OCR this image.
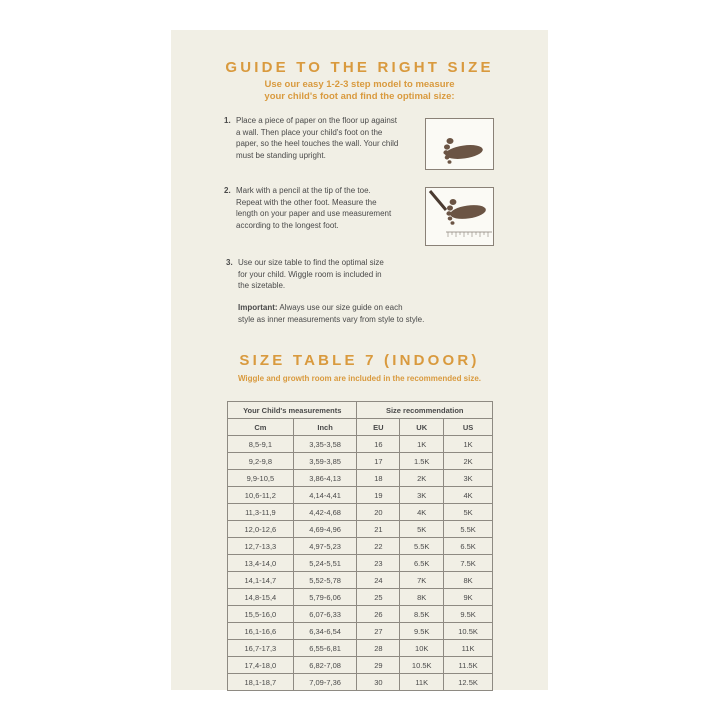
GUIDE TO THE RIGHT SIZE
Use our easy 1-2-3 step model to measure
your child's foot and find the optimal size:
1. Place a piece of paper on the floor up against
a wall. Then place your child's foot on the
paper, so the heel touches the wall. Your child
must be standing upright.
2. Mark with a pencil at the tip of the toe.
Repeat with the other foot. Measure the
length on your paper and use measurement
according to the longest foot.
3. Use our size table to find the optimal size
for your child. Wiggle room is included in
the sizetable.
Important: Always use our size guide on each
style as inner measurements vary from style to style.
SIZE TABLE 7 (INDOOR)
Wiggle and growth room are included in the recommended size.
Your Child's measurements		Size recommendation		
Cm	Inch	EU	UK	US
8,5-9,1	3,35-3,58	16	1K	1K
9,2-9,8	3,59-3,85	17	1.5K	2K
9,9-10,5	3,86-4,13	18	2K	3K
10,6-11,2	4,14-4,41	19	3K	4K
11,3-11,9	4,42-4,68	20	4K	5K
12,0-12,6	4,69-4,96	21	5K	5.5K
12,7-13,3	4,97-5,23	22	5.5K	6.5K
13,4-14,0	5,24-5,51	23	6.5K	7.5K
14,1-14,7	5,52-5,78	24	7K	8K
14,8-15,4	5,79-6,06	25	8K	9K
15,5-16,0	6,07-6,33	26	8.5K	9.5K
16,1-16,6	6,34-6,54	27	9.5K	10.5K
16,7-17,3	6,55-6,81	28	10K	11K
17,4-18,0	6,82-7,08	29	10.5K	11.5K
18,1-18,7	7,09-7,36	30	11K	12.5K
